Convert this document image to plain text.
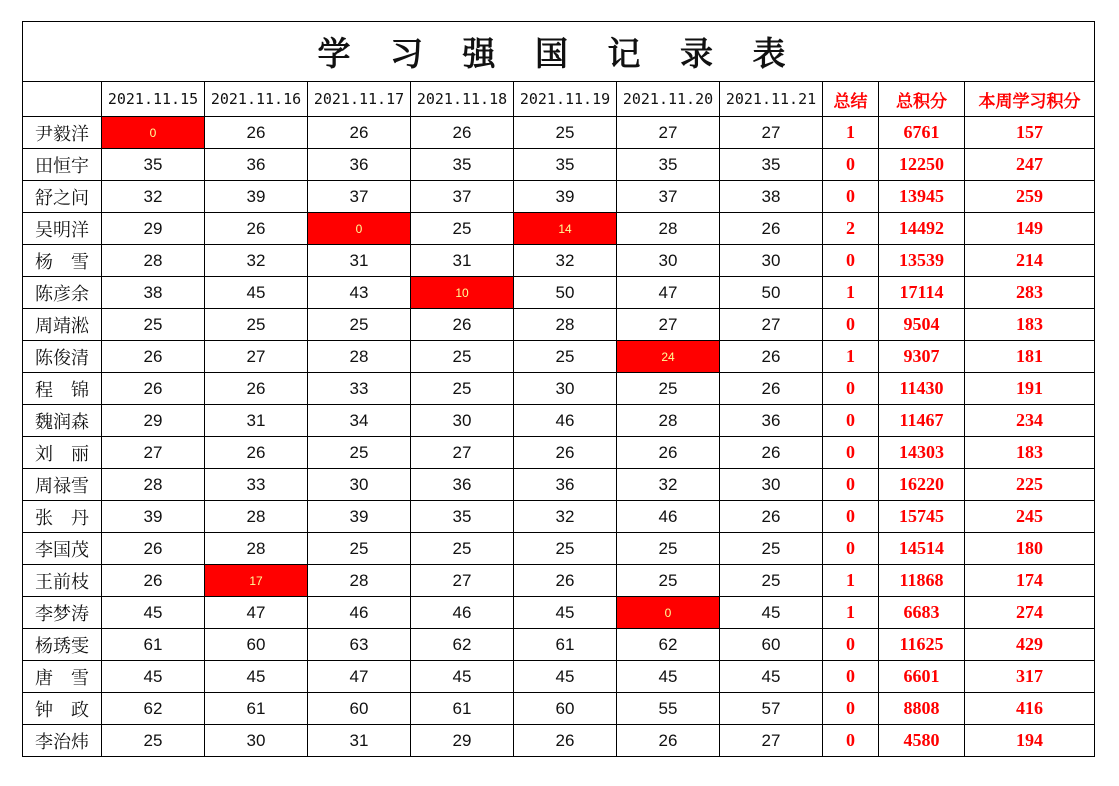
学 习 强 国 记 录 表										
	2021.11.15	2021.11.16	2021.11.17	2021.11.18	2021.11.19	2021.11.20	2021.11.21	总结	总积分	本周学习积分
尹毅洋	0	26	26	26	25	27	27	1	6761	157
田恒宇	35	36	36	35	35	35	35	0	12250	247
舒之问	32	39	37	37	39	37	38	0	13945	259
吴明洋	29	26	0	25	14	28	26	2	14492	149
杨　雪	28	32	31	31	32	30	30	0	13539	214
陈彦余	38	45	43	10	50	47	50	1	17114	283
周靖淞	25	25	25	26	28	27	27	0	9504	183
陈俊清	26	27	28	25	25	24	26	1	9307	181
程　锦	26	26	33	25	30	25	26	0	11430	191
魏润森	29	31	34	30	46	28	36	0	11467	234
刘　丽	27	26	25	27	26	26	26	0	14303	183
周禄雪	28	33	30	36	36	32	30	0	16220	225
张　丹	39	28	39	35	32	46	26	0	15745	245
李国茂	26	28	25	25	25	25	25	0	14514	180
王前枝	26	17	28	27	26	25	25	1	11868	174
李梦涛	45	47	46	46	45	0	45	1	6683	274
杨琇雯	61	60	63	62	61	62	60	0	11625	429
唐　雪	45	45	47	45	45	45	45	0	6601	317
钟　政	62	61	60	61	60	55	57	0	8808	416
李治炜	25	30	31	29	26	26	27	0	4580	194
